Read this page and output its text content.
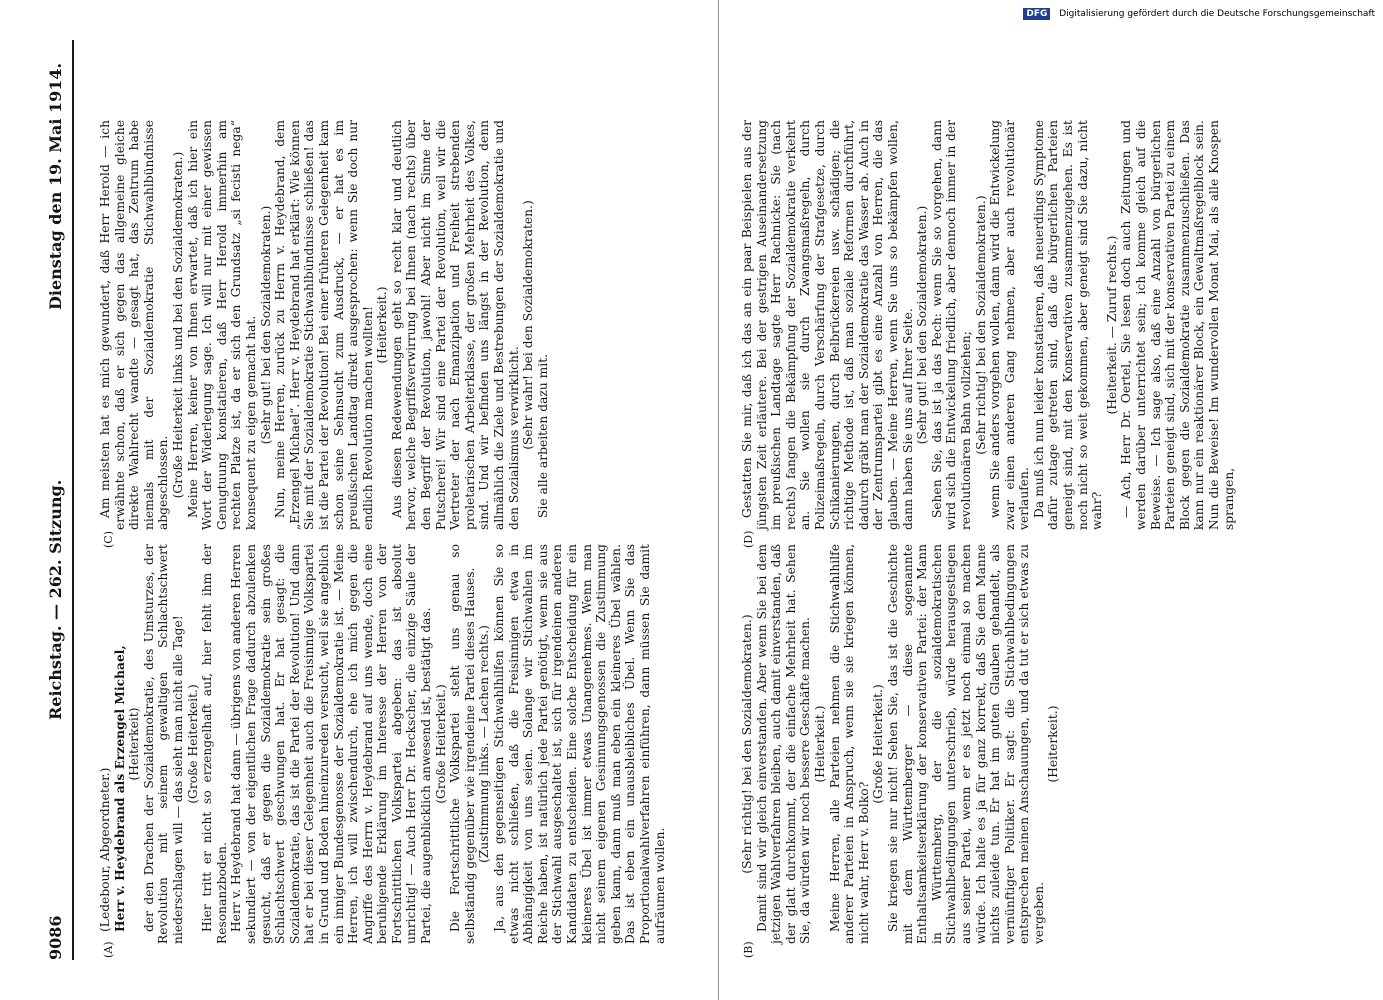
9086
Reichstag. — 262. Sitzung.
Dienstag den 19. Mai 1914.
(A)
(C)
(B)
(D)

(Ledebour, Abgeordneter.) Herr v. Heydebrand als Erzengel Michael, (Heiterkeit) der den Drachen der Sozialdemokratie, des Umsturzes, der Revolution mit seinem gewaltigen Schlachtschwert niederschlagen will — das sieht man nicht alle Tage! (Große Heiterkeit.) Hier tritt er nicht so erzengelhaft auf, hier fehlt ihm der Resonanzboden. Herr v. Heydebrand hat dann — übrigens von anderen Herren sekundiert — von der eigentlichen Frage dadurch abzulenken gesucht, daß er gegen die Sozialdemokratie sein großes Schlachtschwert geschwungen hat. Er hat gesagt: die Sozialdemokratie, das ist die Partei der Revolution! Und dann hat er bei dieser Gelegenheit auch die Freisinnige Volkspartei in Grund und Boden hineinzureden versucht, weil sie angeblich ein inniger Bundesgenosse der Sozialdemokratie ist. — Meine Herren, ich will zwischendurch, ehe ich mich gegen die Angriffe des Herrn v. Heydebrand auf uns wende, doch eine beruhigende Erklärung im Interesse der Herren von der Fortschrittlichen Volkspartei abgeben: das ist absolut unrichtig! — Auch Herr Dr. Heckscher, die einzige Säule der Partei, die augenblicklich anwesend ist, bestätigt das. (Große Heiterkeit.) Die Fortschrittliche Volkspartei steht uns genau so selbständig gegenüber wie irgendeine Partei dieses Hauses. (Zustimmung links. — Lachen rechts.) Ja, aus den gegenseitigen Stichwahlhilfen können Sie so etwas nicht schließen, daß die Freisinnigen etwa in Abhängigkeit von uns seien. Solange wir Stichwahlen im Reiche haben, ist natürlich jede Partei genötigt, wenn sie aus der Stichwahl ausgeschaltet ist, sich für irgendeinen anderen Kandidaten zu entscheiden. Eine solche Entscheidung für ein kleineres Übel ist immer etwas Unangenehmes. Wenn man nicht seinem eigenen Gesinnungsgenossen die Zustimmung geben kann, dann muß man eben ein kleineres Übel wählen. Das ist eben ein unausbleibliches Übel. Wenn Sie das Proportionalwahlverfahren einführen, dann müssen Sie damit aufräumen wollen.

Am meisten hat es mich gewundert, daß Herr Herold — ich erwähnte schon, daß er sich gegen das allgemeine gleiche direkte Wahlrecht wandte — gesagt hat, das Zentrum habe niemals mit der Sozialdemokratie Stichwahlbündnisse abgeschlossen. (Große Heiterkeit links und bei den Sozialdemokraten.) Meine Herren, keiner von Ihnen erwartet, daß ich hier ein Wort der Widerlegung sage. Ich will nur mit einer gewissen Genugtuung konstatieren, daß Herr Herold immerhin am rechten Platze ist, da er sich den Grundsatz „si fecisti nega“ konsequent zu eigen gemacht hat. (Sehr gut! bei den Sozialdemokraten.) Nun, meine Herren, zurück zu Herrn v. Heydebrand, dem „Erzengel Michael“. Herr v. Heydebrand hat erklärt: Wie können Sie mit der Sozialdemokratie Stichwahlbündnisse schließen! das ist die Partei der Revolution! Bei einer früheren Gelegenheit kam schon seine Sehnsucht zum Ausdruck, — er hat es im preußischen Landtag direkt ausgesprochen: wenn Sie doch nur endlich Revolution machen wollten! (Heiterkeit.) Aus diesen Redewendungen geht so recht klar und deutlich hervor, welche Begriffsverwirrung bei Ihnen (nach rechts) über den Begriff der Revolution, jawohl! Aber nicht im Sinne der Putscherei! Wir sind eine Partei der Revolution, weil wir die Vertreter der nach Emanzipation und Freiheit strebenden proletarischen Arbeiterklasse, der großen Mehrheit des Volkes, sind. Und wir befinden uns längst in der Revolution, denn allmählich die Ziele und Bestrebungen der Sozialdemokratie und den Sozialismus verwirklicht. (Sehr wahr! bei den Sozialdemokraten.) Sie alle arbeiten dazu mit.

(Sehr richtig! bei den Sozialdemokraten.) Damit sind wir gleich einverstanden. Aber wenn Sie bei dem jetzigen Wahlverfahren bleiben, auch damit einverstanden, daß der glatt durchkommt, der die einfache Mehrheit hat. Sehen Sie, da würden wir noch bessere Geschäfte machen. (Heiterkeit.) Meine Herren, alle Parteien nehmen die Stichwahlhilfe anderer Parteien in Anspruch, wenn sie sie kriegen können, nicht wahr, Herr v. Bolko?

(Große Heiterkeit.) Sie kriegen sie nur nicht! Sehen Sie, das ist die Geschichte mit dem Württemberger — diese sogenannte Enthaltsamkeitserklärung der konservativen Partei: der Mann in Württemberg, der die sozialdemokratischen Stichwahlbedingungen unterschrieb, würde herausgestiegen aus seiner Partei, wenn er es jetzt noch einmal so machen würde. Ich halte es ja für ganz korrekt, daß Sie dem Manne nichts zuleide tun. Er hat im guten Glauben gehandelt, als vernünftiger Politiker. Er sagt: die Stichwahlbedingungen entsprechen meinen Anschauungen, und da tut er sich etwas zu vergeben.

(Heiterkeit.)

Gestatten Sie mir, daß ich das an ein paar Beispielen aus der jüngsten Zeit erläutere. Bei der gestrigen Auseinandersetzung im preußischen Landtage sagte Herr Rachnicke: Sie (nach rechts) fangen die Bekämpfung der Sozialdemokratie verkehrt an. Sie wollen sie durch Zwangsmaßregeln, durch Polizeimaßregeln, durch Verschärfung der Strafgesetze, durch Schikanierungen, durch Belbrückereien usw. schädigen; die richtige Methode ist, daß man soziale Reformen durchführt, dadurch gräbt man der Sozialdemokratie das Wasser ab. Auch in der Zentrumspartei gibt es eine Anzahl von Herren, die das glauben. — Meine Herren, wenn Sie uns so bekämpfen wollen, dann haben Sie uns auf Ihrer Seite. (Sehr gut! bei den Sozialdemokraten.) Sehen Sie, das ist ja das Pech: wenn Sie so vorgehen, dann wird sich die Entwickelung friedlich, aber dennoch immer in der revolutionären Bahn vollziehen; (Sehr richtig! bei den Sozialdemokraten.) wenn Sie anders vorgehen wollen, dann wird die Entwickelung zwar einen anderen Gang nehmen, aber auch revolutionär verlaufen. Da muß ich nun leider konstatieren, daß neuerdings Symptome dafür zutage getreten sind, daß die bürgerlichen Parteien geneigt sind, mit den Konservativen zusammenzugehen. Es ist noch nicht so weit gekommen, aber geneigt sind Sie dazu, nicht wahr?

(Heiterkeit. — Zuruf rechts.) — Ach, Herr Dr. Oertel, Sie lesen doch auch Zeitungen und werden darüber unterrichtet sein; ich komme gleich auf die Beweise. — Ich sage also, daß eine Anzahl von bürgerlichen Parteien geneigt sind, sich mit der konservativen Partei zu einem Block gegen die Sozialdemokratie zusammenzuschließen. Das kann nur ein reaktionärer Block, ein Gewaltmaßregelblock sein. Nun die Beweise! Im wundervollen Monat Mai, als alle Knospen sprangen,

DFG Digitalisierung gefördert durch die Deutsche Forschungsgemeinschaft
